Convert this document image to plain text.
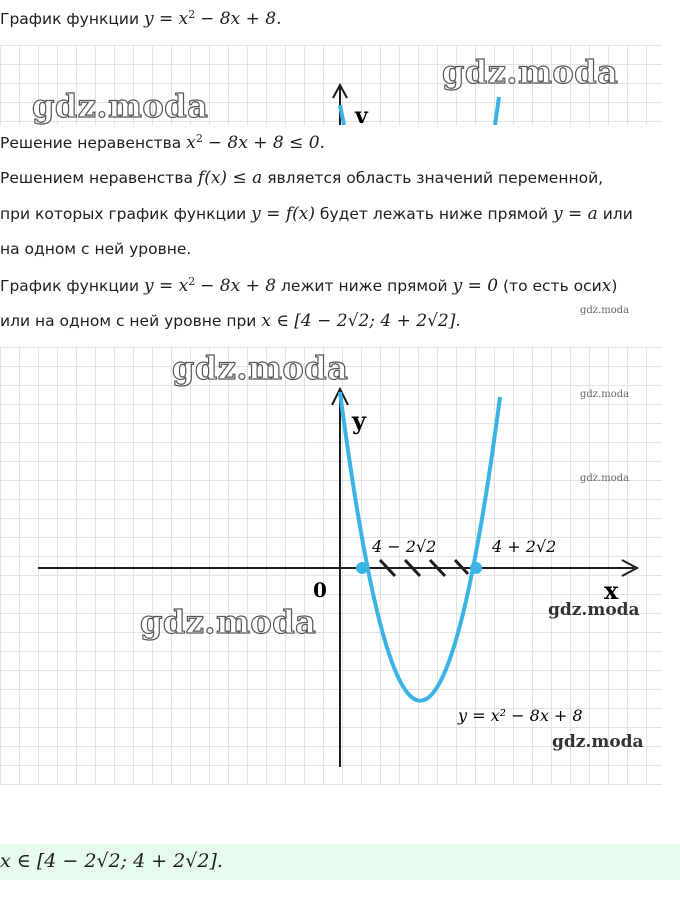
График функции $y = x^2 - 8x + 8$.
gdz.moda
gdz.moda
v
Решение неравенства $x^2 - 8x + 8 \le 0$.
Решением неравенства f(x) ≤ a является область значений переменной,
при которых график функции y = f(x) будет лежать ниже прямой y = a или
на одном с ней уровне.
График функции $y = x^2 - 8x + 8$ лежит ниже прямой y = 0 (то есть осиx)
или на одном с ней уровне при x ∈ [4 − 2√2; 4 + 2√2].
gdz.moda
gdz.moda
gdz.moda
gdz.moda
gdz.moda
gdz.moda
gdz.moda
y
x
0
4 − 2√2	4 + 2√2
y = x² − 8x + 8
x ∈ [4 − 2√2; 4 + 2√2].
